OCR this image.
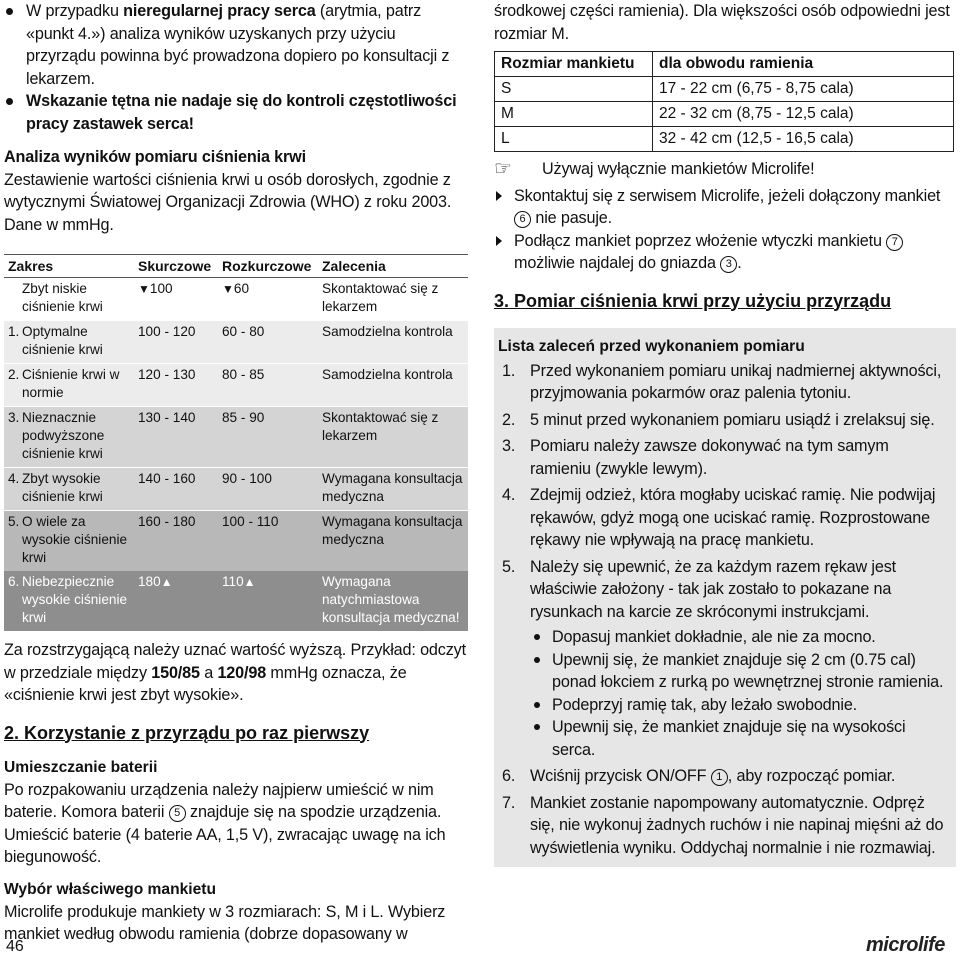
W przypadku nieregularnej pracy serca (arytmia, patrz «punkt 4.») analiza wyników uzyskanych przy użyciu przyrządu powinna być prowadzona dopiero po konsultacji z lekarzem.
Wskazanie tętna nie nadaje się do kontroli częstotliwości pracy zastawek serca!

Analiza wyników pomiaru ciśnienia krwi

Zestawienie wartości ciśnienia krwi u osób dorosłych, zgodnie z wytycznymi Światowej Organizacji Zdrowia (WHO) z roku 2003. Dane w mmHg.

Zakres		Skurczowe	Rozkurczowe	Zalecenia
	Zbyt niskie ciśnienie krwi	▼100	▼60	Skontaktować się z lekarzem
1.	Optymalne ciśnienie krwi	100 - 120	60 - 80	Samodzielna kontrola
2.	Ciśnienie krwi w normie	120 - 130	80 - 85	Samodzielna kontrola
3.	Nieznacznie podwyższone ciśnienie krwi	130 - 140	85 - 90	Skontaktować się z lekarzem
4.	Zbyt wysokie ciśnienie krwi	140 - 160	90 - 100	Wymagana konsultacja medyczna
5.	O wiele za wysokie ciśnienie krwi	160 - 180	100 - 110	Wymagana konsultacja medyczna
6.	Niebezpiecznie wysokie ciśnienie krwi	180▲	110▲	Wymagana natychmiastowa konsultacja medyczna!

Za rozstrzygającą należy uznać wartość wyższą. Przykład: odczyt w przedziale między 150/85 a 120/98 mmHg oznacza, że «ciśnienie krwi jest zbyt wysokie».

2. Korzystanie z przyrządu po raz pierwszy

Umieszczanie baterii

Po rozpakowaniu urządzenia należy najpierw umieścić w nim baterie. Komora baterii 5 znajduje się na spodzie urządzenia. Umieścić baterie (4 baterie AA, 1,5 V), zwracając uwagę na ich biegunowość.

Wybór właściwego mankietu

Microlife produkuje mankiety w 3 rozmiarach: S, M i L. Wybierz mankiet według obwodu ramienia (dobrze dopasowany w

środkowej części ramienia). Dla większości osób odpowiedni jest rozmiar M.

Rozmiar mankietu	dla obwodu ramienia
S	17 - 22 cm (6,75 - 8,75 cala)
M	22 - 32 cm (8,75 - 12,5 cala)
L	32 - 42 cm (12,5 - 16,5 cala)
☞ Używaj wyłącznie mankietów Microlife!
Skontaktuj się z serwisem Microlife, jeżeli dołączony mankiet 6 nie pasuje.
Podłącz mankiet poprzez włożenie wtyczki mankietu 7 możliwie najdalej do gniazda 3 .

3. Pomiar ciśnienia krwi przy użyciu przyrządu

Lista zaleceń przed wykonaniem pomiaru

1. Przed wykonaniem pomiaru unikaj nadmiernej aktywności, przyjmowania pokarmów oraz palenia tytoniu.
2. 5 minut przed wykonaniem pomiaru usiądź i zrelaksuj się.
3. Pomiaru należy zawsze dokonywać na tym samym ramieniu (zwykle lewym).
4. Zdejmij odzież, która mogłaby uciskać ramię. Nie podwijaj rękawów, gdyż mogą one uciskać ramię. Rozprostowane rękawy nie wpływają na pracę mankietu.
5. Należy się upewnić, że za każdym razem rękaw jest właściwie założony - tak jak zostało to pokazane na rysunkach na karcie ze skróconymi instrukcjami.
Dopasuj mankiet dokładnie, ale nie za mocno.
Upewnij się, że mankiet znajduje się 2 cm (0.75 cal) ponad łokciem z rurką po wewnętrznej stronie ramienia.
Podeprzyj ramię tak, aby leżało swobodnie.
Upewnij się, że mankiet znajduje się na wysokości serca.
6. Wciśnij przycisk ON/OFF 1 , aby rozpocząć pomiar.
7. Mankiet zostanie napompowany automatycznie. Odpręż się, nie wykonuj żadnych ruchów i nie napinaj mięśni aż do wyświetlenia wyniku. Oddychaj normalnie i nie rozmawiaj.
46	microlife
